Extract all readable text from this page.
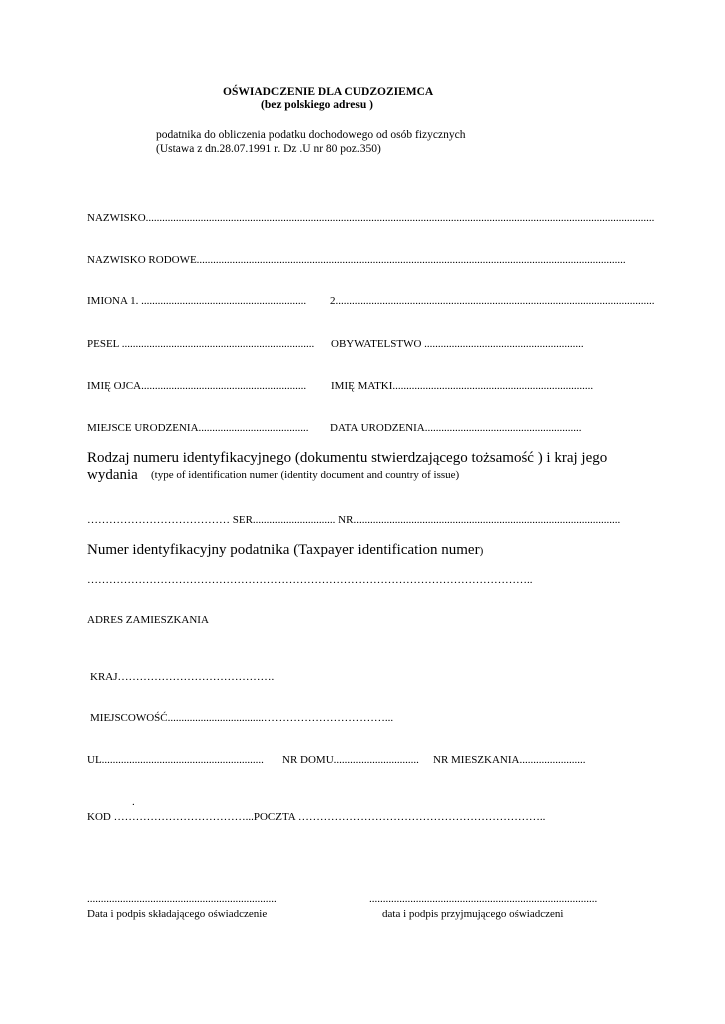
OŚWIADCZENIE DLA CUDZOZIEMCA

(bez polskiego adresu )

podatnika do obliczenia podatku dochodowego od osób fizycznych

(Ustawa z dn.28.07.1991 r. Dz .U nr 80 poz.350)

NAZWISKO.........................................................................................................................................................................................

NAZWISKO RODOWE............................................................................................................................................................

IMIONA 1. ............................................................ 2....................................................................................................................

PESEL ...................................................................... OBYWATELSTWO ..........................................................

IMIĘ OJCA............................................................ IMIĘ MATKI.........................................................................

MIEJSCE URODZENIA........................................ DATA URODZENIA.........................................................

Rodzaj numeru identyfikacyjnego (dokumentu stwierdzającego tożsamość ) i kraj jego

wydania (type of identification numer (identity document and country of issue)

………………………………… SER.............................. NR.................................................................................................

Numer identyfikacyjny podatnika (Taxpayer identification numer)

…………………………………………………………………………………………………………..

ADRES ZAMIESZKANIA

KRAJ…………………………………….

MIEJSCOWOŚĆ...................................……………………………...

UL........................................................... NR DOMU............................... NR MIESZKANIA........................

.

KOD ………………………………...POCZTA …………………………………………………………..

.....................................................................

Data i podpis składającego oświadczenie

...................................................................................

data i podpis przyjmującego oświadczeni
